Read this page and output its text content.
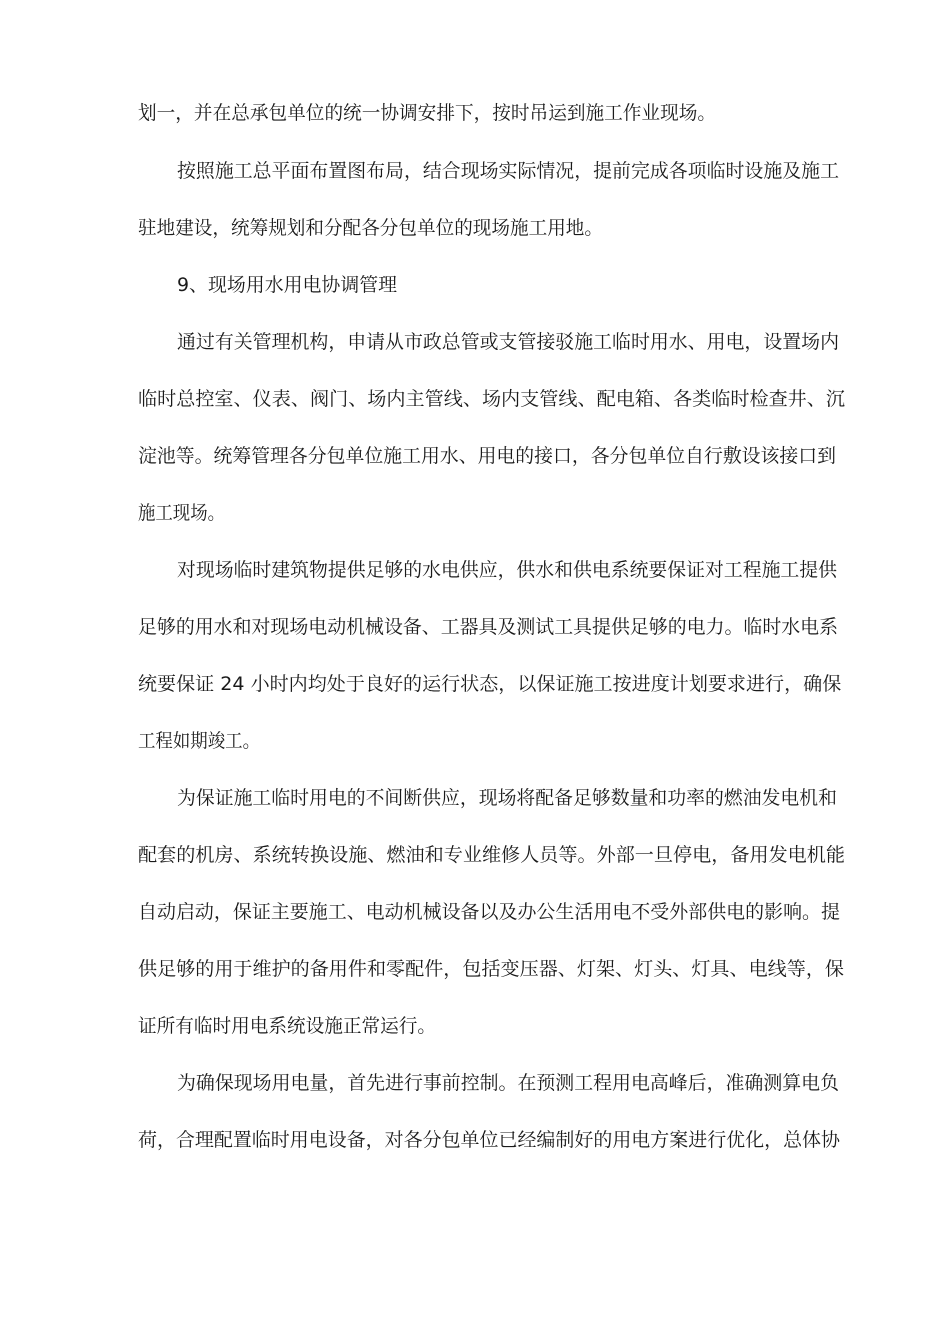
划一，并在总承包单位的统一协调安排下，按时吊运到施工作业现场。
按照施工总平面布置图布局，结合现场实际情况，提前完成各项临时设施及施工
驻地建设，统筹规划和分配各分包单位的现场施工用地。
9、现场用水用电协调管理
通过有关管理机构，申请从市政总管或支管接驳施工临时用水、用电，设置场内
临时总控室、仪表、阀门、场内主管线、场内支管线、配电箱、各类临时检查井、沉
淀池等。统筹管理各分包单位施工用水、用电的接口，各分包单位自行敷设该接口到
施工现场。
对现场临时建筑物提供足够的水电供应，供水和供电系统要保证对工程施工提供
足够的用水和对现场电动机械设备、工器具及测试工具提供足够的电力。临时水电系
统要保证 24 小时内均处于良好的运行状态，以保证施工按进度计划要求进行，确保
工程如期竣工。
为保证施工临时用电的不间断供应，现场将配备足够数量和功率的燃油发电机和
配套的机房、系统转换设施、燃油和专业维修人员等。外部一旦停电，备用发电机能
自动启动，保证主要施工、电动机械设备以及办公生活用电不受外部供电的影响。提
供足够的用于维护的备用件和零配件，包括变压器、灯架、灯头、灯具、电线等，保
证所有临时用电系统设施正常运行。
为确保现场用电量，首先进行事前控制。在预测工程用电高峰后，准确测算电负
荷，合理配置临时用电设备，对各分包单位已经编制好的用电方案进行优化，总体协
